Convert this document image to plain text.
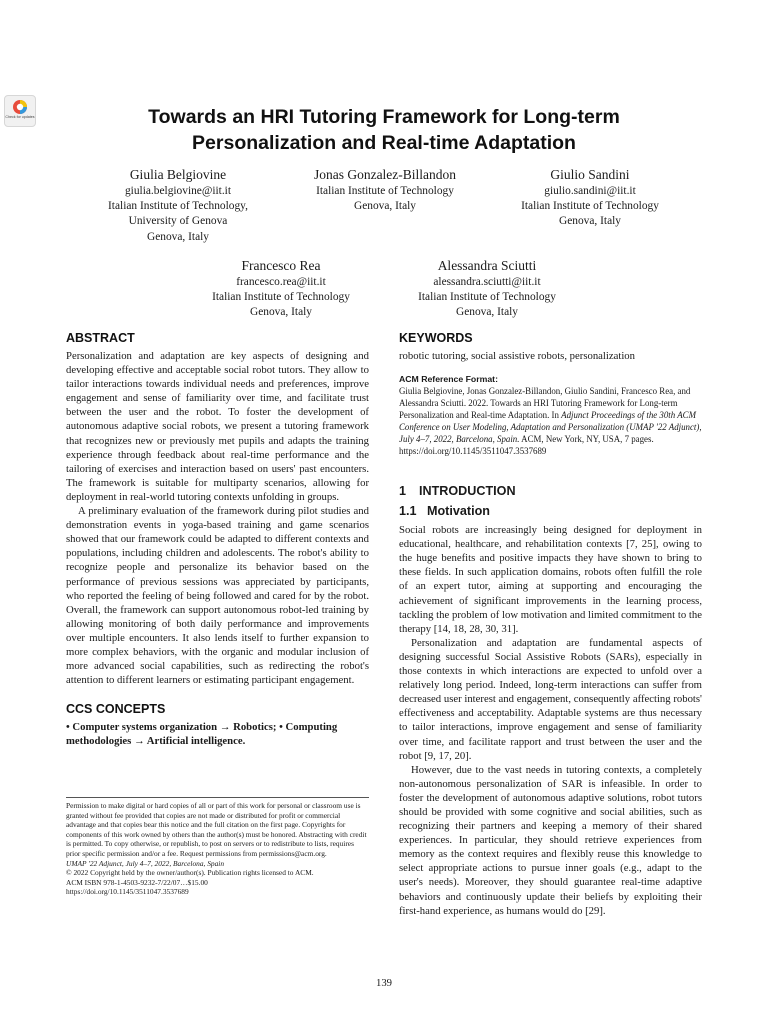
Check for updates	Towards an HRI Tutoring Framework for Long-term
Personalization and Real-time Adaptation
Giulia Belgiovine
giulia.belgiovine@iit.it
Italian Institute of Technology,
University of Genova
Genova, Italy
Jonas Gonzalez-Billandon
Italian Institute of Technology
Genova, Italy
Giulio Sandini
giulio.sandini@iit.it
Italian Institute of Technology
Genova, Italy
Francesco Rea
francesco.rea@iit.it
Italian Institute of Technology
Genova, Italy
Alessandra Sciutti
alessandra.sciutti@iit.it
Italian Institute of Technology
Genova, Italy
ABSTRACT

Personalization and adaptation are key aspects of designing and developing effective and acceptable social robot tutors. They allow to tailor interactions towards individual needs and preferences, improve engagement and sense of familiarity over time, and facilitate trust between the user and the robot. To foster the development of autonomous adaptive social robots, we present a tutoring framework that recognizes new or previously met pupils and adapts the training experience through feedback about real-time performance and the tailoring of exercises and interaction based on users' past encounters. The framework is suitable for multiparty scenarios, allowing for deployment in real-world tutoring contexts unfolding in groups.

A preliminary evaluation of the framework during pilot studies and demonstration events in yoga-based training and game scenarios showed that our framework could be adapted to different contexts and populations, including children and adolescents. The robot's ability to recognize people and personalize its behavior based on the performance of previous sessions was appreciated by participants, who reported the feeling of being followed and cared for by the robot. Overall, the framework can support autonomous robot-led training by allowing monitoring of both daily performance and improvements over multiple encounters. It also lends itself to further expansion to more complex behaviors, with the organic and modular inclusion of more advanced social capabilities, such as redirecting the robot's attention to different learners or estimating participant engagement.

CCS CONCEPTS

• Computer systems organization → Robotics; • Computing methodologies → Artificial intelligence.

Permission to make digital or hard copies of all or part of this work for personal or classroom use is granted without fee provided that copies are not made or distributed for profit or commercial advantage and that copies bear this notice and the full citation on the first page. Copyrights for components of this work owned by others than the author(s) must be honored. Abstracting with credit is permitted. To copy otherwise, or republish, to post on servers or to redistribute to lists, requires prior specific permission and/or a fee. Request permissions from permissions@acm.org.
UMAP '22 Adjunct, July 4–7, 2022, Barcelona, Spain
© 2022 Copyright held by the owner/author(s). Publication rights licensed to ACM.
ACM ISBN 978-1-4503-9232-7/22/07…$15.00
https://doi.org/10.1145/3511047.3537689
KEYWORDS

robotic tutoring, social assistive robots, personalization

ACM Reference Format:

Giulia Belgiovine, Jonas Gonzalez-Billandon, Giulio Sandini, Francesco Rea, and Alessandra Sciutti. 2022. Towards an HRI Tutoring Framework for Long-term Personalization and Real-time Adaptation. In Adjunct Proceedings of the 30th ACM Conference on User Modeling, Adaptation and Personalization (UMAP '22 Adjunct), July 4–7, 2022, Barcelona, Spain. ACM, New York, NY, USA, 7 pages. https://doi.org/10.1145/3511047.3537689

1 INTRODUCTION
1.1 Motivation

Social robots are increasingly being designed for deployment in educational, healthcare, and rehabilitation contexts [7, 25], owing to the huge benefits and positive impacts they have shown to bring to these fields. In such application domains, robots often fulfill the role of an expert tutor, aiming at supporting and encouraging the achievement of significant improvements in the learning process, tackling the problem of low motivation and limited commitment to the therapy [14, 18, 28, 30, 31].

Personalization and adaptation are fundamental aspects of designing successful Social Assistive Robots (SARs), especially in those contexts in which interactions are expected to unfold over a relatively long period. Indeed, long-term interactions can suffer from decreased user interest and engagement, consequently affecting robots' effectiveness and acceptability. Adaptable systems are thus necessary to tailor interactions, improve engagement and sense of familiarity over time, and facilitate rapport and trust between the user and the robot [9, 17, 20].

However, due to the vast needs in tutoring contexts, a completely non-autonomous personalization of SAR is infeasible. In order to foster the development of autonomous adaptive solutions, robot tutors should be provided with some cognitive and social abilities, such as recognizing their partners and keeping a memory of their shared experiences. In particular, they should retrieve experiences from memory as the context requires and flexibly reuse this knowledge to select appropriate actions to pursue inner goals (e.g., adapt to the user's needs). Moreover, they should guarantee real-time adaptive behaviors and continuously update their beliefs by exploiting their first-hand experience, as humans would do [29].

139
